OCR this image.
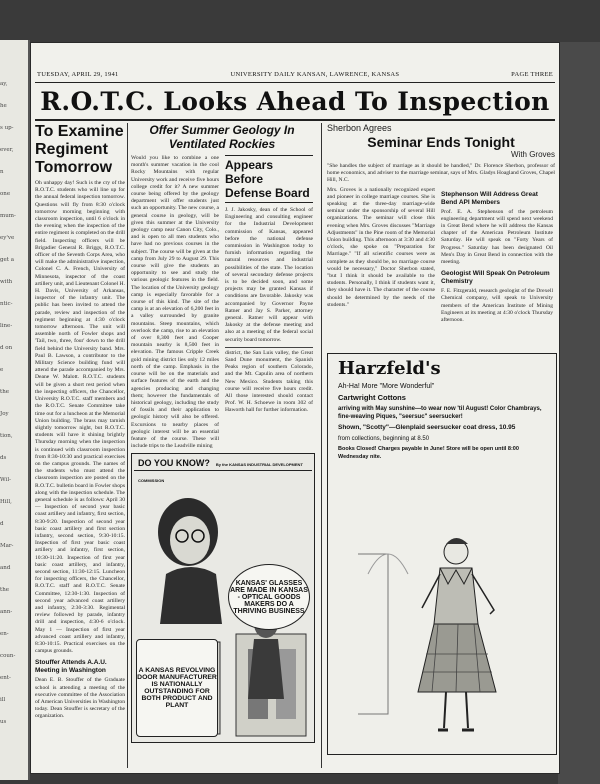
ay,

he

s up-

ever,

n

one

mum-

ey've

get a

with

ntic-

line-

d on

e

the

Joy

tion,

ds

Wil-

Hill,

d

Mar-

and

the

ann-

en-

coun-

ent-

ill

us

TUESDAY, APRIL 29, 1941	UNIVERSITY DAILY KANSAN, LAWRENCE, KANSAS	PAGE THREE
R.O.T.C. Looks Ahead To Inspection

To Examine Regiment Tomorrow

Oh unhappy day! Such is the cry of the R.O.T.C. students who will line up for the annual federal inspection tomorrow. Questions will fly from 8:30 o'clock tomorrow morning beginning with classroom inspection, until 6 o'clock in the evening when the inspection of the entire regiment is completed on the drill field. Inspecting officers will be Brigadier General R. Briggs, R.O.T.C. officer of the Seventh Corps Area, who will make the administrative inspection, Colonel C. A. French, University of Minnesota, inspector of the coast artillery unit, and Lieutenant Colonel H. H. Davis, University of Arkansas, inspector of the infantry unit. The public has been invited to attend the parade, review and inspection of the regiment beginning at 4:30 o'clock tomorrow afternoon. The unit will assemble north of Fowler shops and 'Tail, two, three, four' down to the drill field behind the University band. Mrs. Paul B. Lawson, a contributor to the Military Science building fund will attend the parade accompanied by Mrs. Deane W. Malott. R.O.T.C. students will be given a short rest period when the inspecting officers, the Chancellor, University R.O.T.C. staff members and the R.O.T.C. Senate Committee take time out for a luncheon at the Memorial Union building. The brass may tarnish slightly tomorrow night, but R.O.T.C. students will have it shining brightly Thursday morning when the inspection is continued with classroom inspection from 8:30-10:30 and practical exercises on the campus grounds. The names of the students who must attend the classroom inspection are posted on the R.O.T.C. bulletin board in Fowler shops along with the inspection schedule. The general schedule is as follows: April 30 — Inspection of second year basic coast artillery and infantry, first section, 8:30-9:20. Inspection of second year basic coast artillery and first section infantry, second section, 9:30-10:15. Inspection of first year basic coast artillery and infantry, first section, 10:30-11:20. Inspection of first year basic coast artillery, and infantry, second section, 11:30-12:15. Luncheon for inspecting officers, the Chancellor, R.O.T.C. staff and R.O.T.C. Senate Committee, 12:30-1:30. Inspection of second year advanced coast artillery and infantry, 2:30-3:30. Regimental review followed by parade, infantry drill and inspection, 4:30-6 o'clock. May 1 — Inspection of first year advanced coast artillery and infantry, 8:30-10:15. Practical exercises on the campus grounds.

Stouffer Attends A.A.U. Meeting in Washington

Dean E. B. Stouffer of the Graduate school is attending a meeting of the executive committee of the Association of American Universities in Washington today. Dean Stouffer is secretary of the organization.

Offer Summer Geology In Ventilated Rockies

Would you like to combine a one month's summer vacation in the cool Rocky Mountains with regular University work and receive five hours college credit for it? A new summer course being offered by the geology department will offer students just such an opportunity. The new course, a general course in geology, will be given this summer at the University geology camp near Canon City, Colo., and is open to all men students who have had no previous courses in the subject. The course will be given at the camp from July 29 to August 29. This course will give the students an opportunity to see and study the various geologic features in the field. The location of the University geology camp is especially favorable for a course of this kind. The site of the camp is at an elevation of 6,200 feet in a valley surrounded by granite mountains. Steep mountains, which overlook the camp, rise to an elevation of over 8,300 feet and Cooper mountain nearby is 8,500 feet in elevation. The famous Cripple Creek gold mining district lies only 12 miles north of the camp. Emphasis in the course will be on the materials and surface features of the earth and the agencies producing and changing them; however the fundamentals of historical geology, including the study of fossils and their application to geologic history will also be offered. Excursions to nearby places of geologic interest will be an essential feature of the course. These will include trips to the Leadville mining

Appears Before Defense Board

J. J. Jakosky, dean of the School of Engineering and consulting engineer for the Industrial Development commission of Kansas, appeared before the national defense commission in Washington today to furnish information regarding the natural resources and industrial possibilities of the state. The location of several secondary defense projects is to be decided soon, and some projects may be granted Kansas if conditions are favorable. Jakosky was accompanied by Governor Payne Ratner and Jay S. Parker, attorney general. Ratner will appear with Jakosky at the defense meeting and also at a meeting of the federal social security board tomorrow.

district, the San Luis valley, the Great Sand Dune monument, the Spanish Peaks region of southern Colorado, and the Mt. Capulin area of northern New Mexico. Students taking this course will receive five hours credit. All those interested should contact Prof. W. H. Schoewe in room 302 of Haworth hall for further information.

DO YOU KNOW? By the KANSAS INDUSTRIAL DEVELOPMENT COMMISSION
KANSAS' GLASSES ARE MADE IN KANSAS - OPTICAL GOODS MAKERS DO A THRIVING BUSINESS
A KANSAS REVOLVING DOOR MANUFACTURER IS NATIONALLY OUTSTANDING FOR BOTH PRODUCT AND PLANT

Sherbon Agrees

Seminar Ends Tonight

With Groves

"She handles the subject of marriage as it should be handled," Dr. Florence Sherbon, professor of home economics, and adviser to the marriage seminar, says of Mrs. Gladys Hoagland Groves, Chapel Hill, N.C.

Mrs. Groves is a nationally recognized expert and pioneer in college marriage courses. She is speaking at the three-day marriage-wide seminar under the sponsorship of several Hill organizations. The seminar will close this evening when Mrs. Groves discusses "Marriage Adjustments" in the Pine room of the Memorial Union building. This afternoon at 3:30 and 4:30 o'clock, she spoke on "Preparation for Marriage." "If all scientific courses were as complete as they should be, no marriage course would be necessary," Doctor Sherbon stated, "but I think it should be available to the students. Personally, I think if students want it, they should have it. The character of the course should be determined by the needs of the students."

Stephenson Will Address Great Bend API Members

Prof. E. A. Stephenson of the petroleum engineering department will spend next weekend in Great Bend where he will address the Kansas chapter of the American Petroleum Institute Saturday. He will speak on "Forty Years of Progress." Saturday has been designated Oil Men's Day in Great Bend in connection with the meeting.

Geologist Will Speak On Petroleum Chemistry

F. E. Fitzgerald, research geologist of the Drexell Chemical company, will speak to University members of the American Institute of Mining Engineers at its meeting at 4:30 o'clock Thursday afternoon.

Harzfeld's

Ah-Ha! More "More Wonderful"

Cartwright Cottons

arriving with May sunshine—to wear now 'til August! Color Chambrays, fine-weaving Piques, "seersuc" seersucker!

Shown, "Scotty"—Glenplaid seersucker coat dress, 10.95

from collections, beginning at 8.50

Books Closed! Charges payable in June! Store will be open until 8:00 Wednesday nite.
